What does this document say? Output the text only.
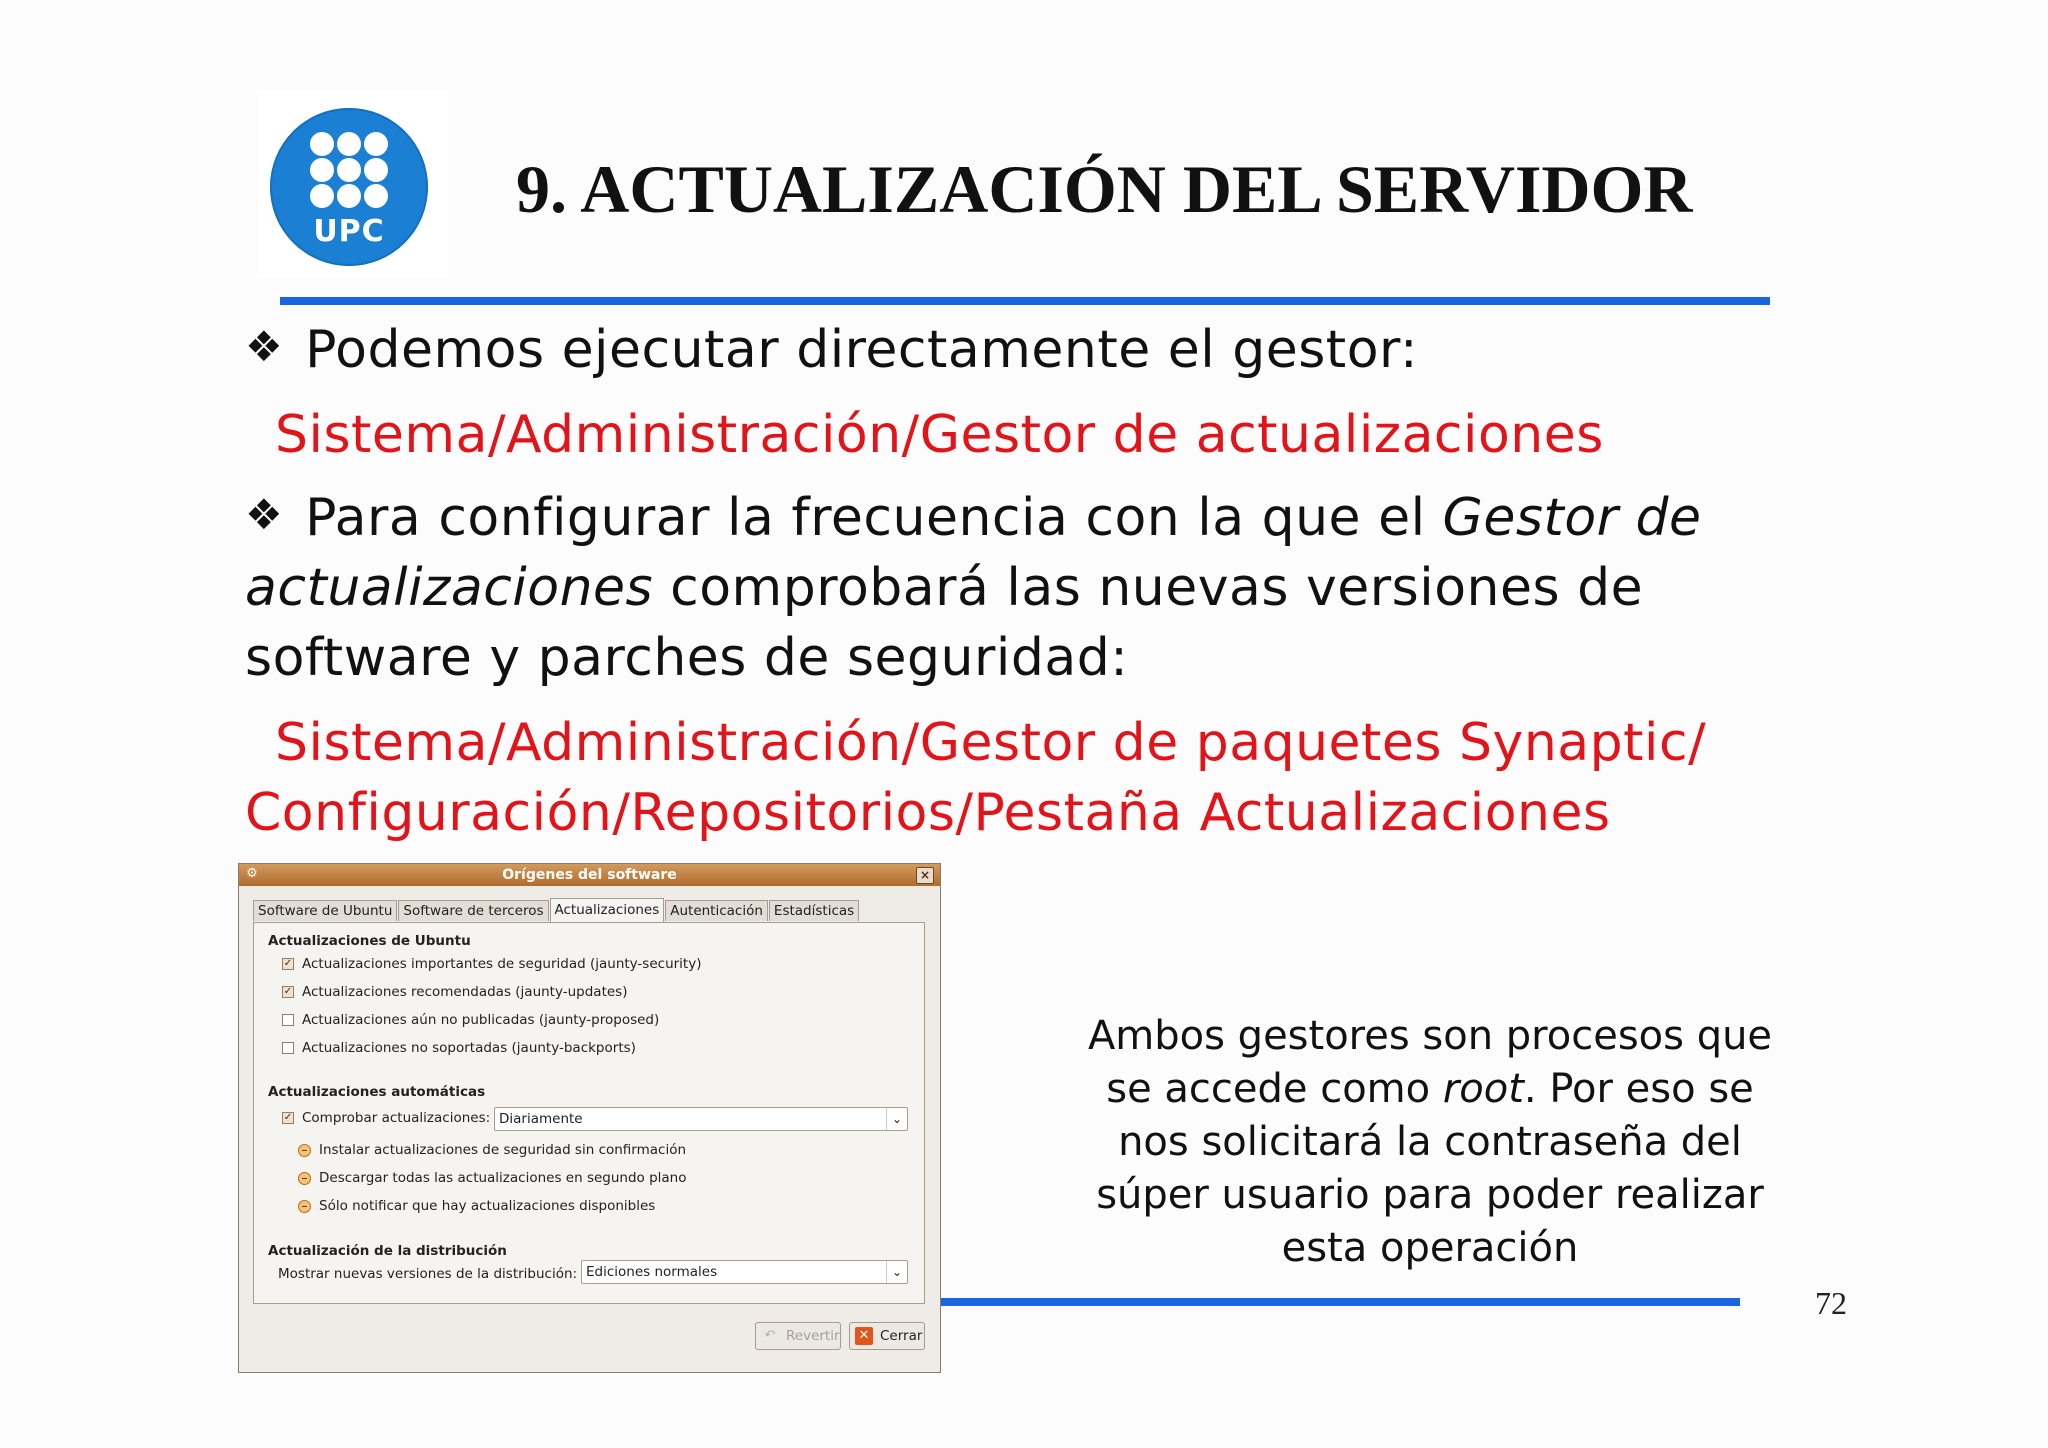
UPC
9. ACTUALIZACIÓN DEL SERVIDOR
❖ Podemos ejecutar directamente el gestor:
Sistema/Administración/Gestor de actualizaciones
❖ Para configurar la frecuencia con la que el Gestor de
actualizaciones comprobará las nuevas versiones de
software y parches de seguridad:
Sistema/Administración/Gestor de paquetes Synaptic/
Configuración/Repositorios/Pestaña Actualizaciones
Ambos gestores son procesos que
se accede como root. Por eso se
nos solicitará la contraseña del
súper usuario para poder realizar
esta operación
72
⚙	Orígenes del software	×
Software de Ubuntu Software de terceros Actualizaciones Autenticación Estadísticas
Actualizaciones de Ubuntu
✓ Actualizaciones importantes de seguridad (jaunty-security)
✓ Actualizaciones recomendadas (jaunty-updates)
Actualizaciones aún no publicadas (jaunty-proposed)
Actualizaciones no soportadas (jaunty-backports)
Actualizaciones automáticas
✓ Comprobar actualizaciones: Diariamente	⌄
Instalar actualizaciones de seguridad sin confirmación
Descargar todas las actualizaciones en segundo plano
Sólo notificar que hay actualizaciones disponibles
Actualización de la distribución
Mostrar nuevas versiones de la distribución: Ediciones normales	⌄
↶ Revertir ✕ Cerrar
